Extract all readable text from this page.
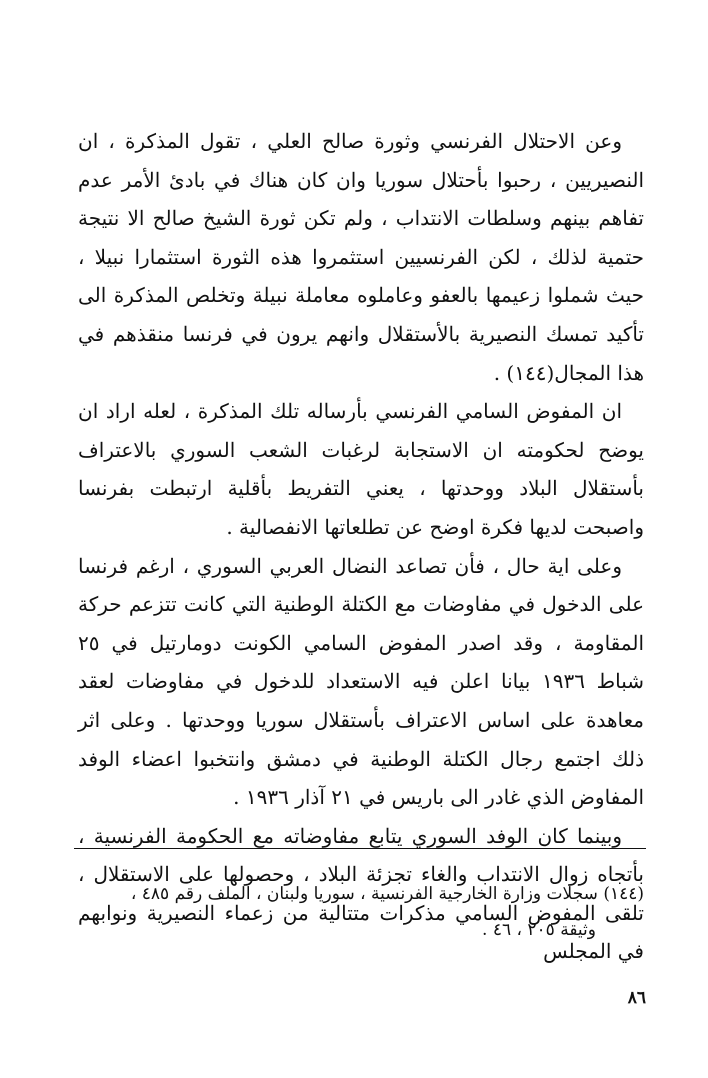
وعن الاحتلال الفرنسي وثورة صالح العلي ، تقول المذكرة ، ان النصيريين ، رحبوا بأحتلال سوريا وان كان هناك في بادئ الأمر عدم تفاهم بينهم وسلطات الانتداب ، ولم تكن ثورة الشيخ صالح الا نتيجة حتمية لذلك ، لكن الفرنسيين استثمروا هذه الثورة استثمارا نبيلا ، حيث شملوا زعيمها بالعفو وعاملوه معاملة نبيلة وتخلص المذكرة الى تأكيد تمسك النصيرية بالأستقلال وانهم يرون في فرنسا منقذهم في هذا المجال(١٤٤) .

ان المفوض السامي الفرنسي بأرساله تلك المذكرة ، لعله اراد ان يوضح لحكومته ان الاستجابة لرغبات الشعب السوري بالاعتراف بأستقلال البلاد ووحدتها ، يعني التفريط بأقلية ارتبطت بفرنسا واصبحت لديها فكرة اوضح عن تطلعاتها الانفصالية .

وعلى اية حال ، فأن تصاعد النضال العربي السوري ، ارغم فرنسا على الدخول في مفاوضات مع الكتلة الوطنية التي كانت تتزعم حركة المقاومة ، وقد اصدر المفوض السامي الكونت دومارتيل في ٢٥ شباط ١٩٣٦ بيانا اعلن فيه الاستعداد للدخول في مفاوضات لعقد معاهدة على اساس الاعتراف بأستقلال سوريا ووحدتها . وعلى اثر ذلك اجتمع رجال الكتلة الوطنية في دمشق وانتخبوا اعضاء الوفد المفاوض الذي غادر الى باريس في ٢١ آذار ١٩٣٦ .

وبينما كان الوفد السوري يتابع مفاوضاته مع الحكومة الفرنسية ، بأتجاه زوال الانتداب والغاء تجزئة البلاد ، وحصولها على الاستقلال ، تلقى المفوض السامي مذكرات متتالية من زعماء النصيرية ونوابهم في المجلس

(١٤٤) سجلات وزارة الخارجية الفرنسية ، سوريا ولبنان ، الملف رقم ٤٨٥ ،
وثيقة ٢٠٥ ، ٤٦ .
٨٦
